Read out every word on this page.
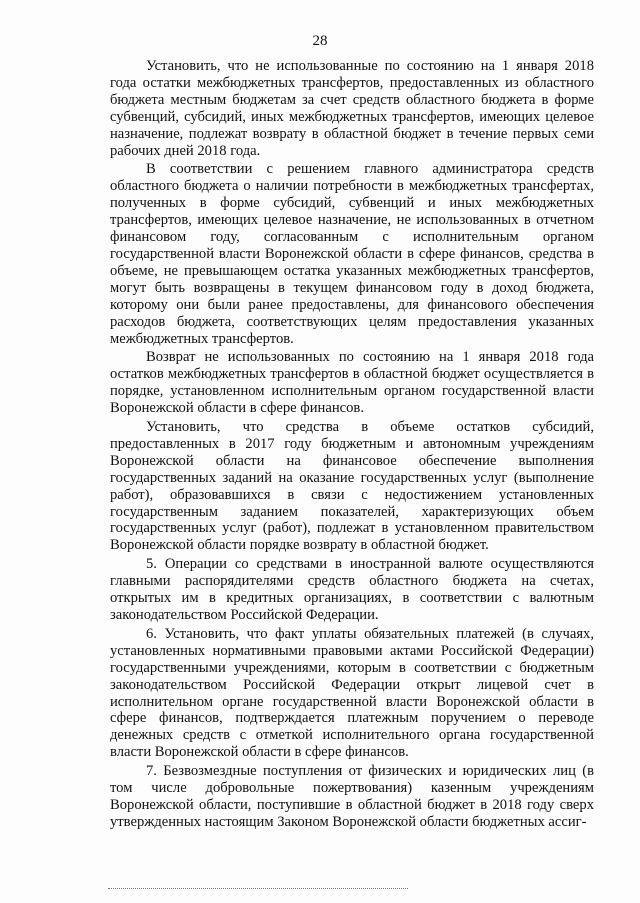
28

Установить, что не использованные по состоянию на 1 января 2018 года остатки межбюджетных трансфертов, предоставленных из областного бюджета местным бюджетам за счет средств областного бюджета в форме субвенций, субсидий, иных межбюджетных трансфертов, имеющих целевое назначение, подлежат возврату в областной бюджет в течение первых семи рабочих дней 2018 года.

В соответствии с решением главного администратора средств областного бюджета о наличии потребности в межбюджетных трансфертах, полученных в форме субсидий, субвенций и иных межбюджетных трансфертов, имеющих целевое назначение, не использованных в отчетном финансовом году, согласованным с исполнительным органом государственной власти Воронежской области в сфере финансов, средства в объеме, не превышающем остатка указанных межбюджетных трансфертов, могут быть возвращены в текущем финансовом году в доход бюджета, которому они были ранее предоставлены, для финансового обеспечения расходов бюджета, соответствующих целям предоставления указанных межбюджетных трансфертов.

Возврат не использованных по состоянию на 1 января 2018 года остатков межбюджетных трансфертов в областной бюджет осуществляется в порядке, установленном исполнительным органом государственной власти Воронежской области в сфере финансов.

Установить, что средства в объеме остатков субсидий, предоставленных в 2017 году бюджетным и автономным учреждениям Воронежской области на финансовое обеспечение выполнения государственных заданий на оказание государственных услуг (выполнение работ), образовавшихся в связи с недостижением установленных государственным заданием показателей, характеризующих объем государственных услуг (работ), подлежат в установленном правительством Воронежской области порядке возврату в областной бюджет.

5. Операции со средствами в иностранной валюте осуществляются главными распорядителями средств областного бюджета на счетах, открытых им в кредитных организациях, в соответствии с валютным законодательством Российской Федерации.

6. Установить, что факт уплаты обязательных платежей (в случаях, установленных нормативными правовыми актами Российской Федерации) государственными учреждениями, которым в соответствии с бюджетным законодательством Российской Федерации открыт лицевой счет в исполнительном органе государственной власти Воронежской области в сфере финансов, подтверждается платежным поручением о переводе денежных средств с отметкой исполнительного органа государственной власти Воронежской области в сфере финансов.

7. Безвозмездные поступления от физических и юридических лиц (в том числе добровольные пожертвования) казенным учреждениям Воронежской области, поступившие в областной бюджет в 2018 году сверх утвержденных настоящим Законом Воронежской области бюджетных ассиг-
